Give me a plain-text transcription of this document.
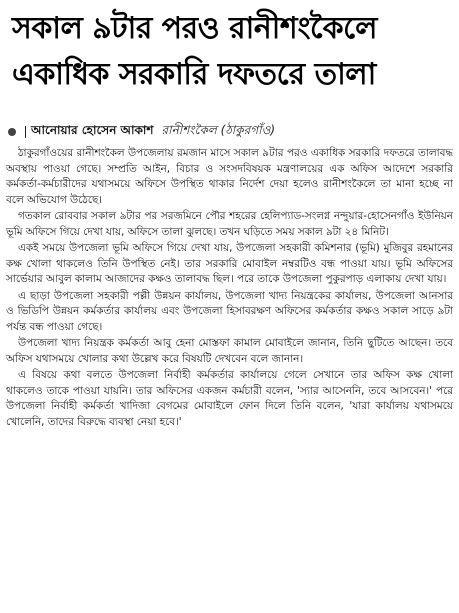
সকাল ৯টার পরও রানীশংকৈলে
একাধিক সরকারি দফতরে তালা
আনোয়ার হোসেন আকাশ রানীশংকৈল (ঠাকুরগাঁও)

ঠাকুরগাঁওয়ের রানীশংকৈল উপজেলায় রমজান মাসে সকাল ৯টার পরও একাধিক সরকারি দফতরে তালাবদ্ধ অবস্থায় পাওয়া গেছে। সম্প্রতি আইন, বিচার ও সংসদবিষয়ক মন্ত্রণালয়ের এক অফিস আদেশে সরকারি কর্মকর্তা-কর্মচারীদের যথাসময়ে অফিসে উপস্থিত থাকার নির্দেশ দেয়া হলেও রানীশংকৈলে তা মানা হচ্ছে না বলে অভিযোগ উঠেছে।

গতকাল রোববার সকাল ৯টার পর সরজমিনে পৌর শহরের হেলিপ্যাড-সংলগ্ন নন্দুয়ার-হোসেনগাঁও ইউনিয়ন ভূমি অফিসে গিয়ে দেখা যায়, অফিসে তালা ঝুলছে। তখন ঘড়িতে সময় সকাল ৯টা ২৪ মিনিট।

একই সময়ে উপজেলা ভূমি অফিসে গিয়ে দেখা যায়, উপজেলা সহকারী কমিশনার (ভূমি) মুজিবুর রহমানের কক্ষ খোলা থাকলেও তিনি উপস্থিত নেই। তার সরকারি মোবাইল নম্বরটিও বন্ধ পাওয়া যায়। ভূমি অফিসের সার্ভেয়ার আবুল কালাম আজাদের কক্ষও তালাবদ্ধ ছিল। পরে তাকে উপজেলা পুকুরপাড় এলাকায় দেখা যায়।

এ ছাড়া উপজেলা সহকারী পল্লী উন্নয়ন কার্যালয়, উপজেলা খাদ্য নিয়ন্ত্রকের কার্যালয়, উপজেলা আনসার ও ভিডিপি উন্নয়ন কর্মকর্তার কার্যালয় এবং উপজেলা হিসাবরক্ষণ অফিসের কর্মকর্তার কক্ষও সকাল সাড়ে ৯টা পর্যন্ত বন্ধ পাওয়া গেছে।

উপজেলা খাদ্য নিয়ন্ত্রক কর্মকর্তা আবু হেনা মোস্তফা কামাল মোবাইলে জানান, তিনি ছুটিতে আছেন। তবে অফিস যথাসময়ে খোলার কথা উল্লেখ করে বিষয়টি দেখবেন বলে জানান।

এ বিষয়ে কথা বলতে উপজেলা নির্বাহী কর্মকর্তার কার্যালয়ে গেলে সেখানে তার অফিস কক্ষ খোলা থাকলেও তাকে পাওয়া যায়নি। তার অফিসের একজন কর্মচারী বলেন, 'স্যার আসেননি, তবে আসবেন।' পরে উপজেলা নির্বাহী কর্মকর্তা খাদিজা বেগমের মোবাইলে ফোন দিলে তিনি বলেন, 'যারা কার্যালয় যথাসময়ে খোলেনি, তাদের বিরুদ্ধে ব্যবস্থা নেয়া হবে।'
